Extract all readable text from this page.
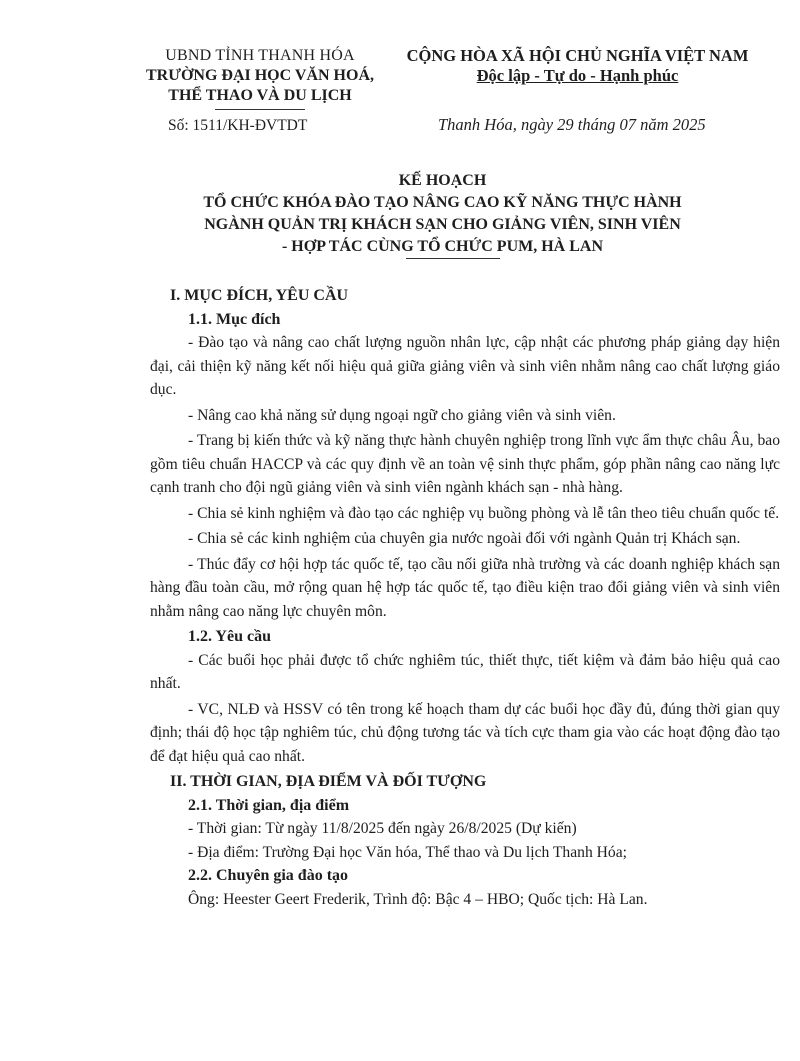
UBND TỈNH THANH HÓA
TRƯỜNG ĐẠI HỌC VĂN HOÁ,
THỂ THAO VÀ DU LỊCH
Số: 1511/KH-ĐVTDT
CỘNG HÒA XÃ HỘI CHỦ NGHĨA VIỆT NAM
Độc lập - Tự do - Hạnh phúc
Thanh Hóa, ngày 29 tháng 07 năm 2025
KẾ HOẠCH
TỔ CHỨC KHÓA ĐÀO TẠO NÂNG CAO KỸ NĂNG THỰC HÀNH
NGÀNH QUẢN TRỊ KHÁCH SẠN CHO GIẢNG VIÊN, SINH VIÊN
- HỢP TÁC CÙNG TỔ CHỨC PUM, HÀ LAN

I. MỤC ĐÍCH, YÊU CẦU

1.1. Mục đích

- Đào tạo và nâng cao chất lượng nguồn nhân lực, cập nhật các phương pháp giảng dạy hiện đại, cải thiện kỹ năng kết nối hiệu quả giữa giảng viên và sinh viên nhằm nâng cao chất lượng giáo dục.

- Nâng cao khả năng sử dụng ngoại ngữ cho giảng viên và sinh viên.

- Trang bị kiến thức và kỹ năng thực hành chuyên nghiệp trong lĩnh vực ẩm thực châu Âu, bao gồm tiêu chuẩn HACCP và các quy định về an toàn vệ sinh thực phẩm, góp phần nâng cao năng lực cạnh tranh cho đội ngũ giảng viên và sinh viên ngành khách sạn - nhà hàng.

- Chia sẻ kinh nghiệm và đào tạo các nghiệp vụ buồng phòng và lễ tân theo tiêu chuẩn quốc tế.

- Chia sẻ các kinh nghiệm của chuyên gia nước ngoài đối với ngành Quản trị Khách sạn.

- Thúc đẩy cơ hội hợp tác quốc tế, tạo cầu nối giữa nhà trường và các doanh nghiệp khách sạn hàng đầu toàn cầu, mở rộng quan hệ hợp tác quốc tế, tạo điều kiện trao đổi giảng viên và sinh viên nhằm nâng cao năng lực chuyên môn.

1.2. Yêu cầu

- Các buổi học phải được tổ chức nghiêm túc, thiết thực, tiết kiệm và đảm bảo hiệu quả cao nhất.

- VC, NLĐ và HSSV có tên trong kế hoạch tham dự các buổi học đầy đủ, đúng thời gian quy định; thái độ học tập nghiêm túc, chủ động tương tác và tích cực tham gia vào các hoạt động đào tạo để đạt hiệu quả cao nhất.

II. THỜI GIAN, ĐỊA ĐIỂM VÀ ĐỐI TƯỢNG

2.1. Thời gian, địa điểm

- Thời gian: Từ ngày 11/8/2025 đến ngày 26/8/2025 (Dự kiến)

- Địa điểm: Trường Đại học Văn hóa, Thể thao và Du lịch Thanh Hóa;

2.2. Chuyên gia đào tạo

Ông: Heester Geert Frederik, Trình độ: Bậc 4 – HBO; Quốc tịch: Hà Lan.
